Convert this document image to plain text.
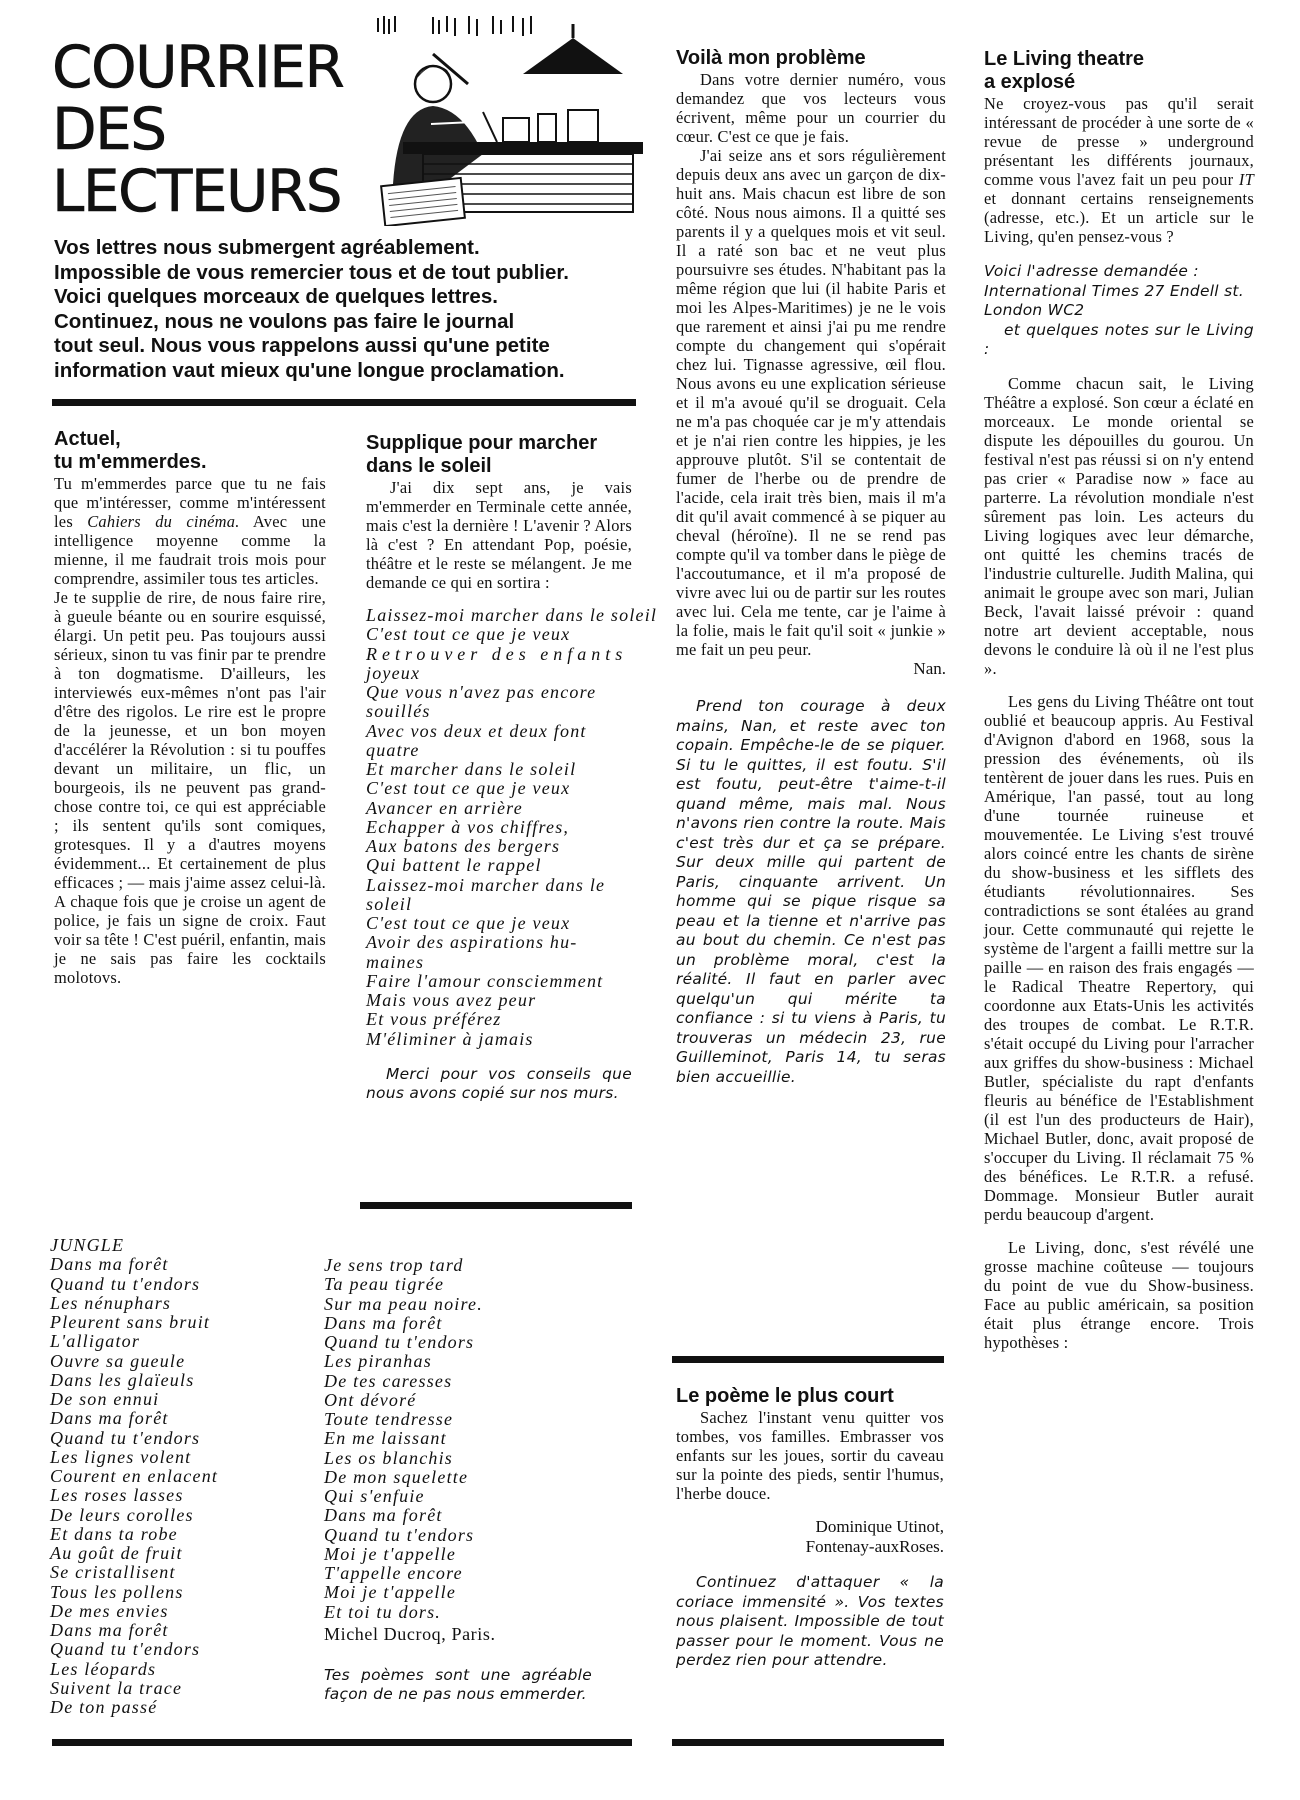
COURRIER
DES
LECTEURS
Vos lettres nous submergent agréablement.
Impossible de vous remercier tous et de tout publier.
Voici quelques morceaux de quelques lettres.
Continuez, nous ne voulons pas faire le journal
tout seul. Nous vous rappelons aussi qu'une petite
information vaut mieux qu'une longue proclamation.

Actuel,
tu m'emmerdes.

Tu m'emmerdes parce que tu ne fais que m'intéresser, comme m'intéressent les Cahiers du cinéma. Avec une intelligence moyenne comme la mienne, il me faudrait trois mois pour comprendre, assimiler tous tes articles.

Je te supplie de rire, de nous faire rire, à gueule béante ou en sourire esquissé, élargi. Un petit peu. Pas toujours aussi sérieux, sinon tu vas finir par te prendre à ton dogmatisme. D'ailleurs, les interviewés eux-mêmes n'ont pas l'air d'être des rigolos. Le rire est le propre de la jeunesse, et un bon moyen d'accélérer la Révolution : si tu pouffes devant un militaire, un flic, un bourgeois, ils ne peuvent pas grand-chose contre toi, ce qui est appréciable ; ils sentent qu'ils sont comiques, grotesques. Il y a d'autres moyens évidemment... Et certainement de plus efficaces ; — mais j'aime assez celui-là. A chaque fois que je croise un agent de police, je fais un signe de croix. Faut voir sa tête ! C'est puéril, enfantin, mais je ne sais pas faire les cocktails molotovs.

Supplique pour marcher
dans le soleil

J'ai dix sept ans, je vais m'emmerder en Terminale cette année, mais c'est la dernière ! L'avenir ? Alors là c'est ? En attendant Pop, poésie, théâtre et le reste se mélangent. Je me demande ce qui en sortira :

Laissez-moi marcher dans le soleil
C'est tout ce que je veux
Retrouver des enfants
joyeux
Que vous n'avez pas encore
souillés
Avec vos deux et deux font
quatre
Et marcher dans le soleil
C'est tout ce que je veux
Avancer en arrière
Echapper à vos chiffres,
Aux batons des bergers
Qui battent le rappel
Laissez-moi marcher dans le
soleil
C'est tout ce que je veux
Avoir des aspirations hu-
maines
Faire l'amour consciemment
Mais vous avez peur
Et vous préférez
M'éliminer à jamais

Merci pour vos conseils que nous avons copié sur nos murs.

JUNGLE
Dans ma forêt
Quand tu t'endors
Les nénuphars
Pleurent sans bruit
L'alligator
Ouvre sa gueule
Dans les glaïeuls
De son ennui
Dans ma forêt
Quand tu t'endors
Les lignes volent
Courent en enlacent
Les roses lasses
De leurs corolles
Et dans ta robe
Au goût de fruit
Se cristallisent
Tous les pollens
De mes envies
Dans ma forêt
Quand tu t'endors
Les léopards
Suivent la trace
De ton passé
Je sens trop tard
Ta peau tigrée
Sur ma peau noire.
Dans ma forêt
Quand tu t'endors
Les piranhas
De tes caresses
Ont dévoré
Toute tendresse
En me laissant
Les os blanchis
De mon squelette
Qui s'enfuie
Dans ma forêt
Quand tu t'endors
Moi je t'appelle
T'appelle encore
Moi je t'appelle
Et toi tu dors.

Michel Ducroq, Paris.

Tes poèmes sont une agréable façon de ne pas nous emmerder.

Voilà mon problème

Dans votre dernier numéro, vous demandez que vos lecteurs vous écrivent, même pour un courrier du cœur. C'est ce que je fais.

J'ai seize ans et sors régulièrement depuis deux ans avec un garçon de dix-huit ans. Mais chacun est libre de son côté. Nous nous aimons. Il a quitté ses parents il y a quelques mois et vit seul. Il a raté son bac et ne veut plus poursuivre ses études. N'habitant pas la même région que lui (il habite Paris et moi les Alpes-Maritimes) je ne le vois que rarement et ainsi j'ai pu me rendre compte du changement qui s'opérait chez lui. Tignasse agressive, œil flou. Nous avons eu une explication sérieuse et il m'a avoué qu'il se droguait. Cela ne m'a pas choquée car je m'y attendais et je n'ai rien contre les hippies, je les approuve plutôt. S'il se contentait de fumer de l'herbe ou de prendre de l'acide, cela irait très bien, mais il m'a dit qu'il avait commencé à se piquer au cheval (héroïne). Il ne se rend pas compte qu'il va tomber dans le piège de l'accoutumance, et il m'a proposé de vivre avec lui ou de partir sur les routes avec lui. Cela me tente, car je l'aime à la folie, mais le fait qu'il soit « junkie » me fait un peu peur.

Nan.

Prend ton courage à deux mains, Nan, et reste avec ton copain. Empêche-le de se piquer. Si tu le quittes, il est foutu. S'il est foutu, peut-être t'aime-t-il quand même, mais mal. Nous n'avons rien contre la route. Mais c'est très dur et ça se prépare. Sur deux mille qui partent de Paris, cinquante arrivent. Un homme qui se pique risque sa peau et la tienne et n'arrive pas au bout du chemin. Ce n'est pas un problème moral, c'est la réalité. Il faut en parler avec quelqu'un qui mérite ta confiance : si tu viens à Paris, tu trouveras un médecin 23, rue Guilleminot, Paris 14, tu seras bien accueillie.

Le poème le plus court

Sachez l'instant venu quitter vos tombes, vos familles. Embrasser vos enfants sur les joues, sortir du caveau sur la pointe des pieds, sentir l'humus, l'herbe douce.

Dominique Utinot,

Fontenay-auxRoses.

Continuez d'attaquer « la coriace immensité ». Vos textes nous plaisent. Impossible de tout passer pour le moment. Vous ne perdez rien pour attendre.

Le Living theatre
a explosé

Ne croyez-vous pas qu'il serait intéressant de procéder à une sorte de « revue de presse » underground présentant les différents journaux, comme vous l'avez fait un peu pour IT et donnant certains renseignements (adresse, etc.). Et un article sur le Living, qu'en pensez-vous ?

Voici l'adresse demandée : International Times 27 Endell st. London WC2

et quelques notes sur le Living :

Comme chacun sait, le Living Théâtre a explosé. Son cœur a éclaté en morceaux. Le monde oriental se dispute les dépouilles du gourou. Un festival n'est pas réussi si on n'y entend pas crier « Paradise now » face au parterre. La révolution mondiale n'est sûrement pas loin. Les acteurs du Living logiques avec leur démarche, ont quitté les chemins tracés de l'industrie culturelle. Judith Malina, qui animait le groupe avec son mari, Julian Beck, l'avait laissé prévoir : quand notre art devient acceptable, nous devons le conduire là où il ne l'est plus ».

Les gens du Living Théâtre ont tout oublié et beaucoup appris. Au Festival d'Avignon d'abord en 1968, sous la pression des événements, où ils tentèrent de jouer dans les rues. Puis en Amérique, l'an passé, tout au long d'une tournée ruineuse et mouvementée. Le Living s'est trouvé alors coincé entre les chants de sirène du show-business et les sifflets des étudiants révolutionnaires. Ses contradictions se sont étalées au grand jour. Cette communauté qui rejette le système de l'argent a failli mettre sur la paille — en raison des frais engagés — le Radical Theatre Repertory, qui coordonne aux Etats-Unis les activités des troupes de combat. Le R.T.R. s'était occupé du Living pour l'arracher aux griffes du show-business : Michael Butler, spécialiste du rapt d'enfants fleuris au bénéfice de l'Establishment (il est l'un des producteurs de Hair), Michael Butler, donc, avait proposé de s'occuper du Living. Il réclamait 75 % des bénéfices. Le R.T.R. a refusé. Dommage. Monsieur Butler aurait perdu beaucoup d'argent.

Le Living, donc, s'est révélé une grosse machine coûteuse — toujours du point de vue du Show-business. Face au public américain, sa position était plus étrange encore. Trois hypothèses :
